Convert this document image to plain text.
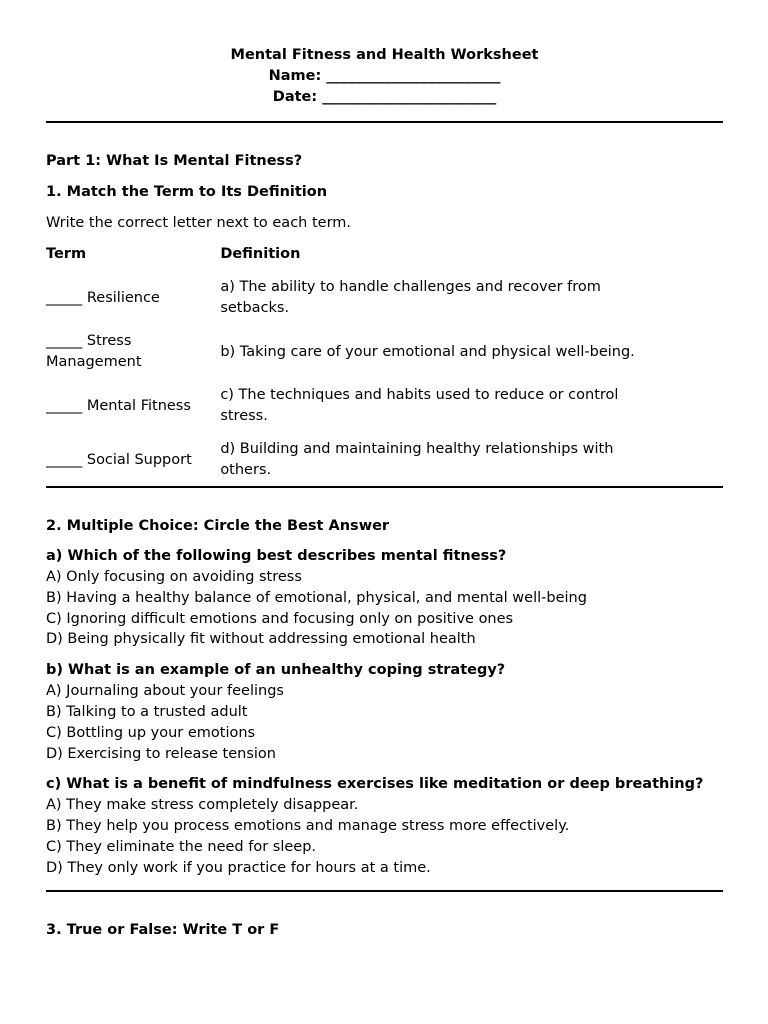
Mental Fitness and Health Worksheet
Name: ________________________
Date: ________________________
Part 1: What Is Mental Fitness?
1. Match the Term to Its Definition
Write the correct letter next to each term.
Term	Definition
_____ Resilience	a) The ability to handle challenges and recover from setbacks.
_____ Stress Management	b) Taking care of your emotional and physical well-being.
_____ Mental Fitness	c) The techniques and habits used to reduce or control stress.
_____ Social Support	d) Building and maintaining healthy relationships with others.
2. Multiple Choice: Circle the Best Answer
a) Which of the following best describes mental fitness?
A) Only focusing on avoiding stress
B) Having a healthy balance of emotional, physical, and mental well-being
C) Ignoring difficult emotions and focusing only on positive ones
D) Being physically fit without addressing emotional health
b) What is an example of an unhealthy coping strategy?
A) Journaling about your feelings
B) Talking to a trusted adult
C) Bottling up your emotions
D) Exercising to release tension
c) What is a benefit of mindfulness exercises like meditation or deep breathing?
A) They make stress completely disappear.
B) They help you process emotions and manage stress more effectively.
C) They eliminate the need for sleep.
D) They only work if you practice for hours at a time.
3. True or False: Write T or F
